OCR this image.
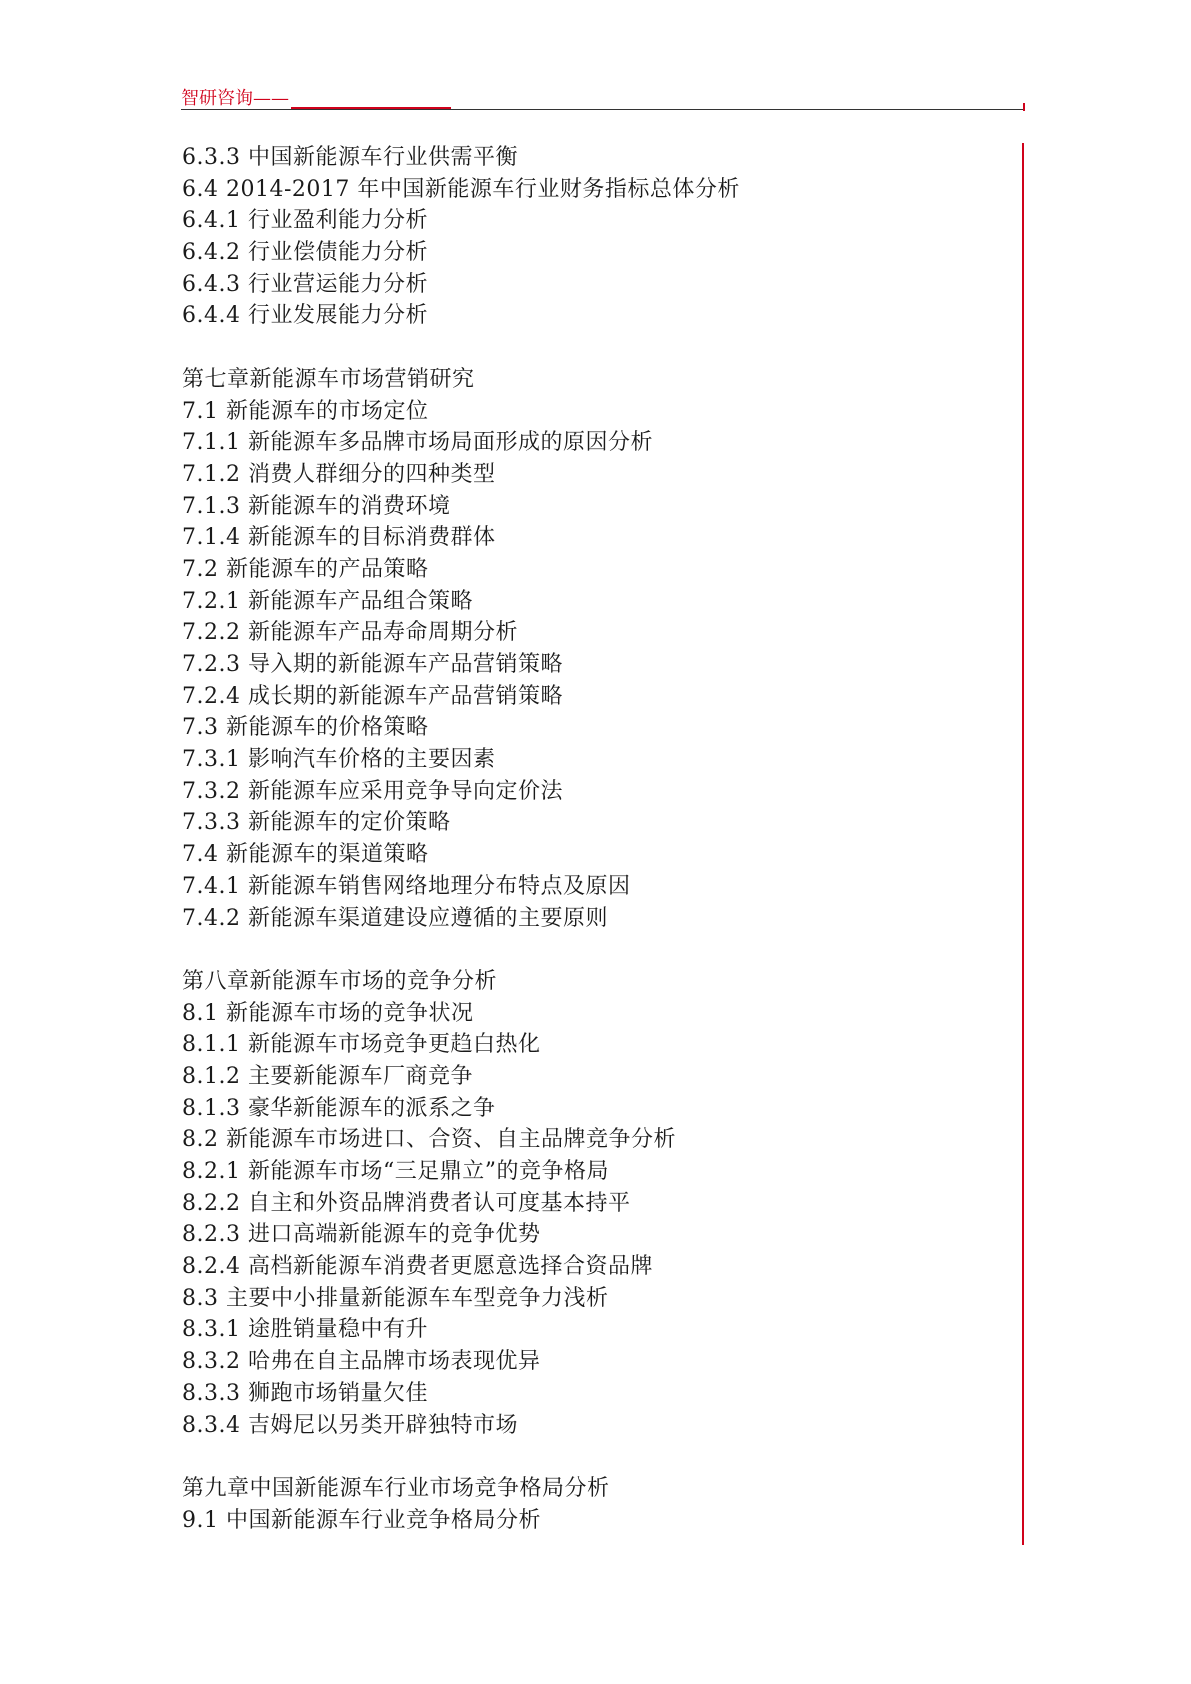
智研咨询——
6.3.3 中国新能源车行业供需平衡
6.4 2014-2017 年中国新能源车行业财务指标总体分析
6.4.1 行业盈利能力分析
6.4.2 行业偿债能力分析
6.4.3 行业营运能力分析
6.4.4 行业发展能力分析
第七章新能源车市场营销研究
7.1 新能源车的市场定位
7.1.1 新能源车多品牌市场局面形成的原因分析
7.1.2 消费人群细分的四种类型
7.1.3 新能源车的消费环境
7.1.4 新能源车的目标消费群体
7.2 新能源车的产品策略
7.2.1 新能源车产品组合策略
7.2.2 新能源车产品寿命周期分析
7.2.3 导入期的新能源车产品营销策略
7.2.4 成长期的新能源车产品营销策略
7.3 新能源车的价格策略
7.3.1 影响汽车价格的主要因素
7.3.2 新能源车应采用竞争导向定价法
7.3.3 新能源车的定价策略
7.4 新能源车的渠道策略
7.4.1 新能源车销售网络地理分布特点及原因
7.4.2 新能源车渠道建设应遵循的主要原则
第八章新能源车市场的竞争分析
8.1 新能源车市场的竞争状况
8.1.1 新能源车市场竞争更趋白热化
8.1.2 主要新能源车厂商竞争
8.1.3 豪华新能源车的派系之争
8.2 新能源车市场进口、合资、自主品牌竞争分析
8.2.1 新能源车市场“三足鼎立”的竞争格局
8.2.2 自主和外资品牌消费者认可度基本持平
8.2.3 进口高端新能源车的竞争优势
8.2.4 高档新能源车消费者更愿意选择合资品牌
8.3 主要中小排量新能源车车型竞争力浅析
8.3.1 途胜销量稳中有升
8.3.2 哈弗在自主品牌市场表现优异
8.3.3 狮跑市场销量欠佳
8.3.4 吉姆尼以另类开辟独特市场
第九章中国新能源车行业市场竞争格局分析
9.1 中国新能源车行业竞争格局分析
